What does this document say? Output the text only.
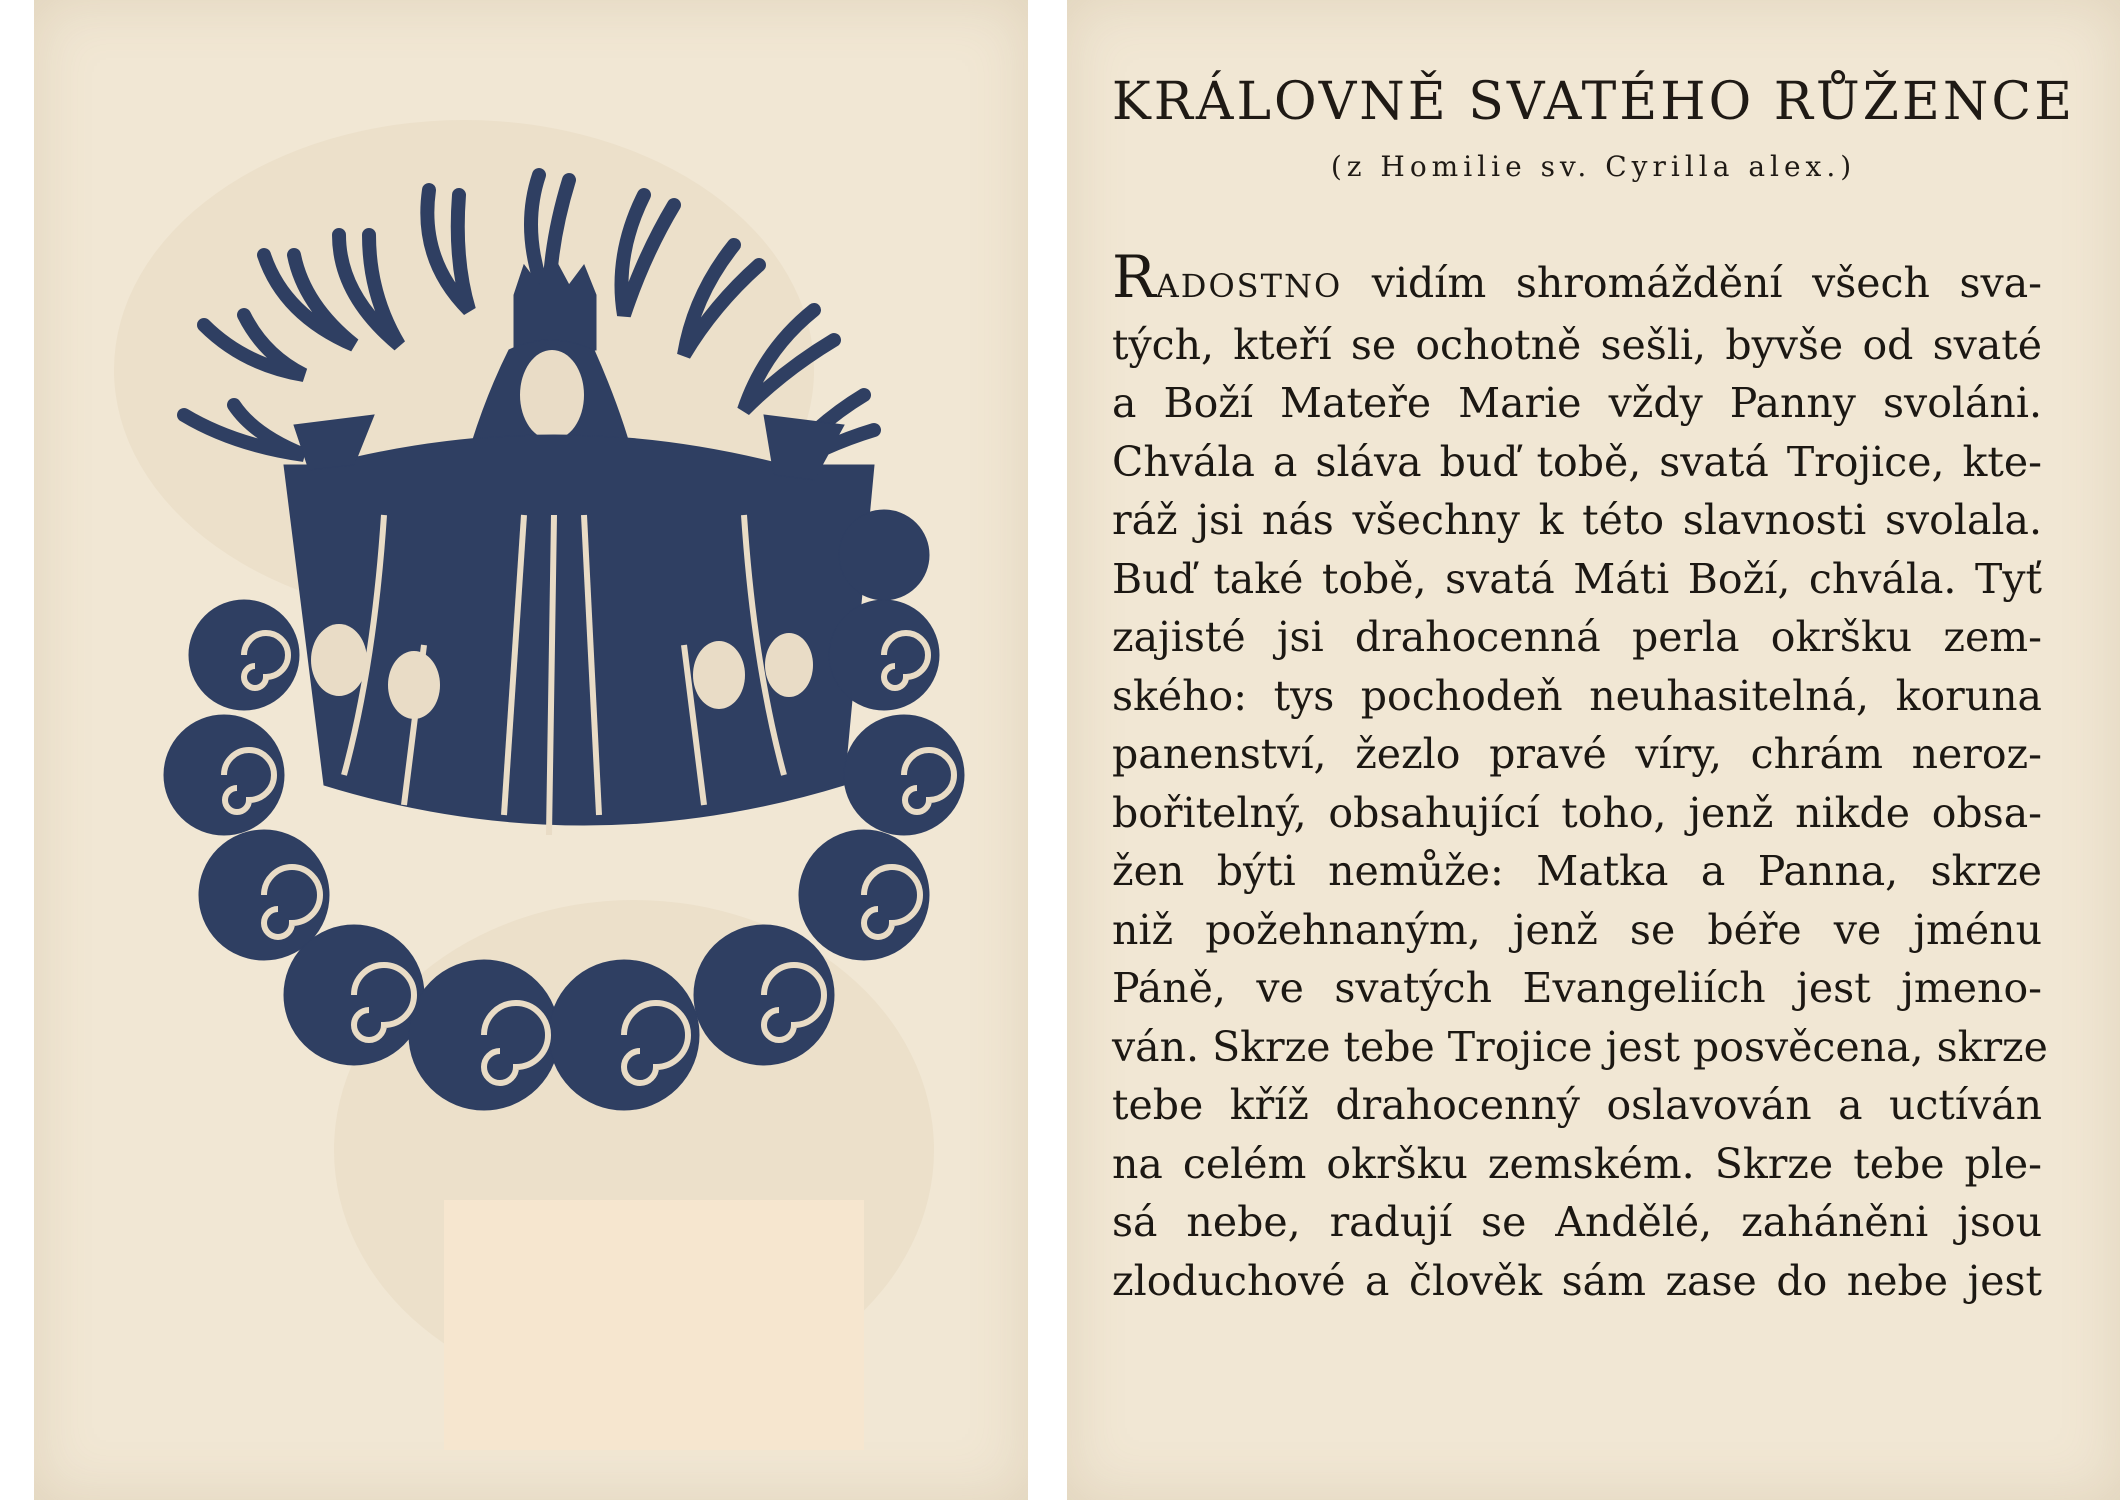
KRÁLOVNĚ SVATÉHO RŮŽENCE
(z Homilie sv. Cyrilla alex.)
RADOSTNO vidím shromáždění všech sva-
tých, kteří se ochotně sešli, byvše od svaté
a Boží Mateře Marie vždy Panny svoláni.
Chvála a sláva buď tobě, svatá Trojice, kte-
ráž jsi nás všechny k této slavnosti svolala.
Buď také tobě, svatá Máti Boží, chvála. Tyť
zajisté jsi drahocenná perla okršku zem-
ského: tys pochodeň neuhasitelná, koruna
panenství, žezlo pravé víry, chrám neroz-
bořitelný, obsahující toho, jenž nikde obsa-
žen býti nemůže: Matka a Panna, skrze
niž požehnaným, jenž se béře ve jménu
Páně, ve svatých Evangeliích jest jmeno-
ván. Skrze tebe Trojice jest posvěcena, skrze
tebe kříž drahocenný oslavován a uctíván
na celém okršku zemském. Skrze tebe ple-
sá nebe, radují se Andělé, zaháněni jsou
zloduchové a člověk sám zase do nebe jest
